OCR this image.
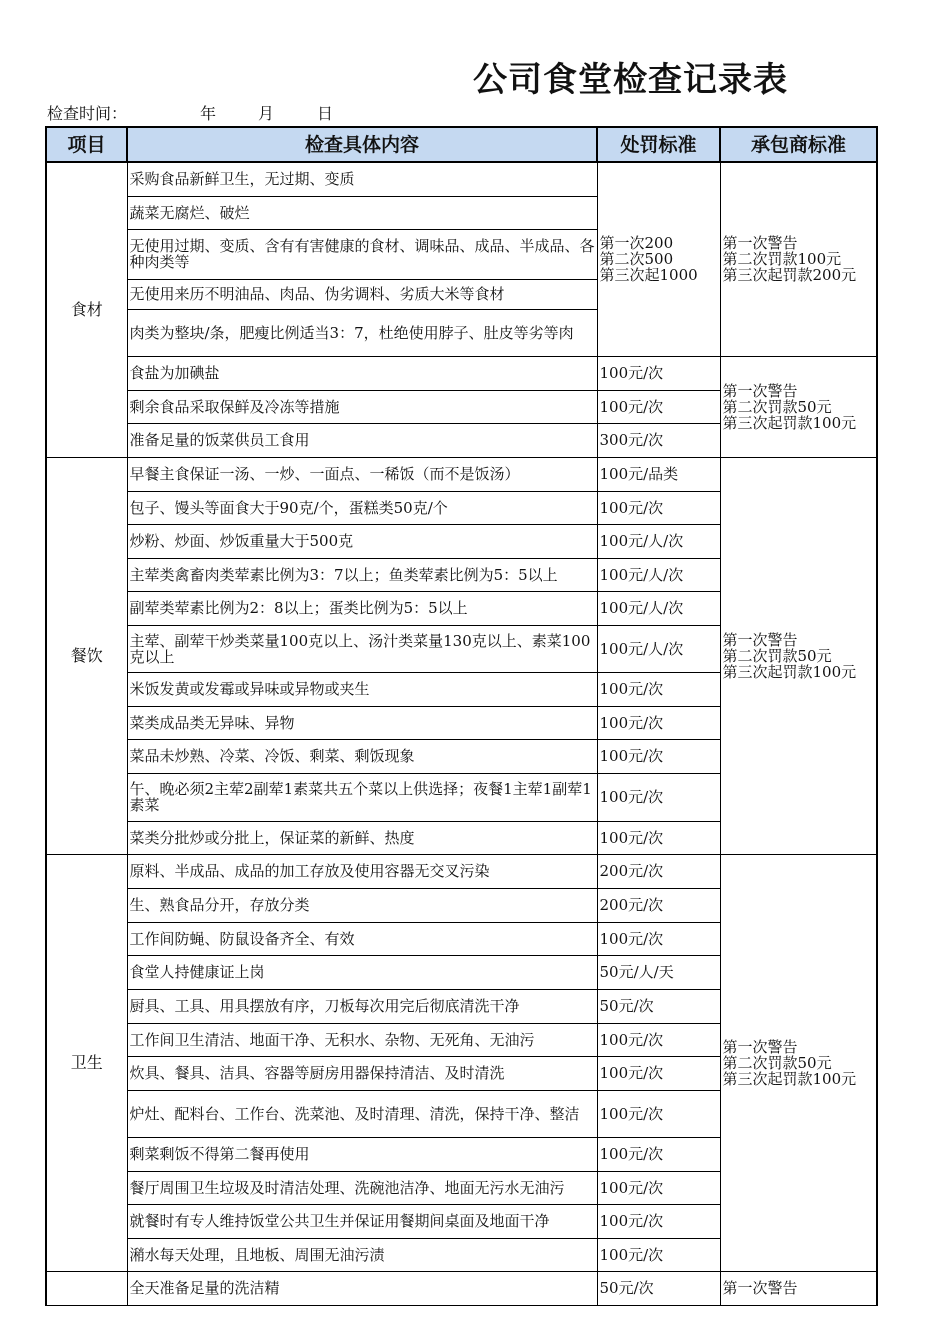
公司食堂检查记录表
检查时间：	年	月	日
项目	检查具体内容	处罚标准	承包商标准
食材	采购食品新鲜卫生，无过期、变质	第一次200
第二次500
第三次起1000	第一次警告
第二次罚款100元
第三次起罚款200元
	蔬菜无腐烂、破烂		
	无使用过期、变质、含有有害健康的食材、调味品、成品、半成品、各种肉类等		
	无使用来历不明油品、肉品、伪劣调料、劣质大米等食材		
	肉类为整块/条，肥瘦比例适当3：7，杜绝使用脖子、肚皮等劣等肉		
	食盐为加碘盐	100元/次	第一次警告
第二次罚款50元
第三次起罚款100元
	剩余食品采取保鲜及冷冻等措施	100元/次	
	准备足量的饭菜供员工食用	300元/次	
餐饮	早餐主食保证一汤、一炒、一面点、一稀饭（而不是饭汤）	100元/品类	第一次警告
第二次罚款50元
第三次起罚款100元
	包子、馒头等面食大于90克/个，蛋糕类50克/个	100元/次	
	炒粉、炒面、炒饭重量大于500克	100元/人/次	
	主荤类禽畜肉类荤素比例为3：7以上；鱼类荤素比例为5：5以上	100元/人/次	
	副荤类荤素比例为2：8以上；蛋类比例为5：5以上	100元/人/次	
	主荤、副荤干炒类菜量100克以上、汤汁类菜量130克以上、素菜100克以上	100元/人/次	
	米饭发黄或发霉或异味或异物或夹生	100元/次	
	菜类成品类无异味、异物	100元/次	
	菜品未炒熟、冷菜、冷饭、剩菜、剩饭现象	100元/次	
	午、晚必须2主荤2副荤1素菜共五个菜以上供选择；夜餐1主荤1副荤1素菜	100元/次	
	菜类分批炒或分批上，保证菜的新鲜、热度	100元/次	
卫生	原料、半成品、成品的加工存放及使用容器无交叉污染	200元/次	第一次警告
第二次罚款50元
第三次起罚款100元
	生、熟食品分开，存放分类	200元/次	
	工作间防蝇、防鼠设备齐全、有效	100元/次	
	食堂人持健康证上岗	50元/人/天	
	厨具、工具、用具摆放有序，刀板每次用完后彻底清洗干净	50元/次	
	工作间卫生清洁、地面干净、无积水、杂物、无死角、无油污	100元/次	
	炊具、餐具、洁具、容器等厨房用器保持清洁、及时清洗	100元/次	
	炉灶、配料台、工作台、洗菜池、及时清理、清洗，保持干净、整洁	100元/次	
	剩菜剩饭不得第二餐再使用	100元/次	
	餐厅周围卫生垃圾及时清洁处理、洗碗池洁净、地面无污水无油污	100元/次	
	就餐时有专人维持饭堂公共卫生并保证用餐期间桌面及地面干净	100元/次	
	潲水每天处理，且地板、周围无油污渍	100元/次	
	全天准备足量的洗洁精	50元/次	第一次警告
